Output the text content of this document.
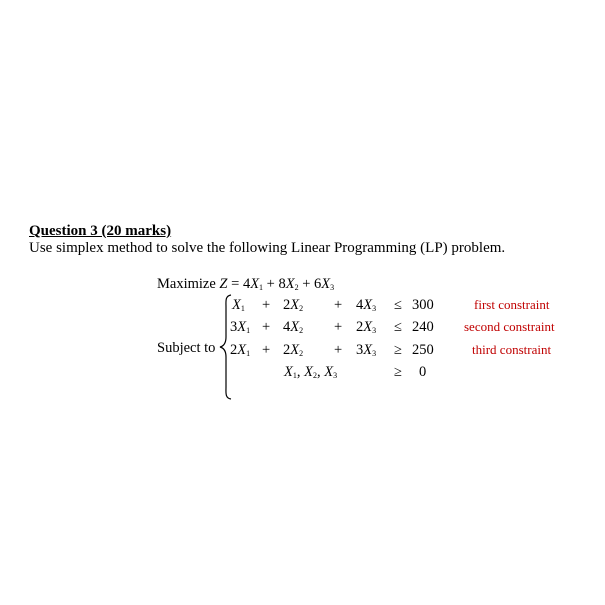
Question 3 (20 marks)
Use simplex method to solve the following Linear Programming (LP) problem.
Maximize $Z = 4X_1 + 8X_2 + 6X_3$
Subject to
$X_1 + 2X_2 + 4X_3 \le 300$	first constraint
$3X_1 + 4X_2 + 2X_3 \le 240$ second constraint
$2X_1 + 2X_2 + 3X_3 \ge 250$	third constraint
$X_1$, $X_2$, $X_3$	≥ 0
